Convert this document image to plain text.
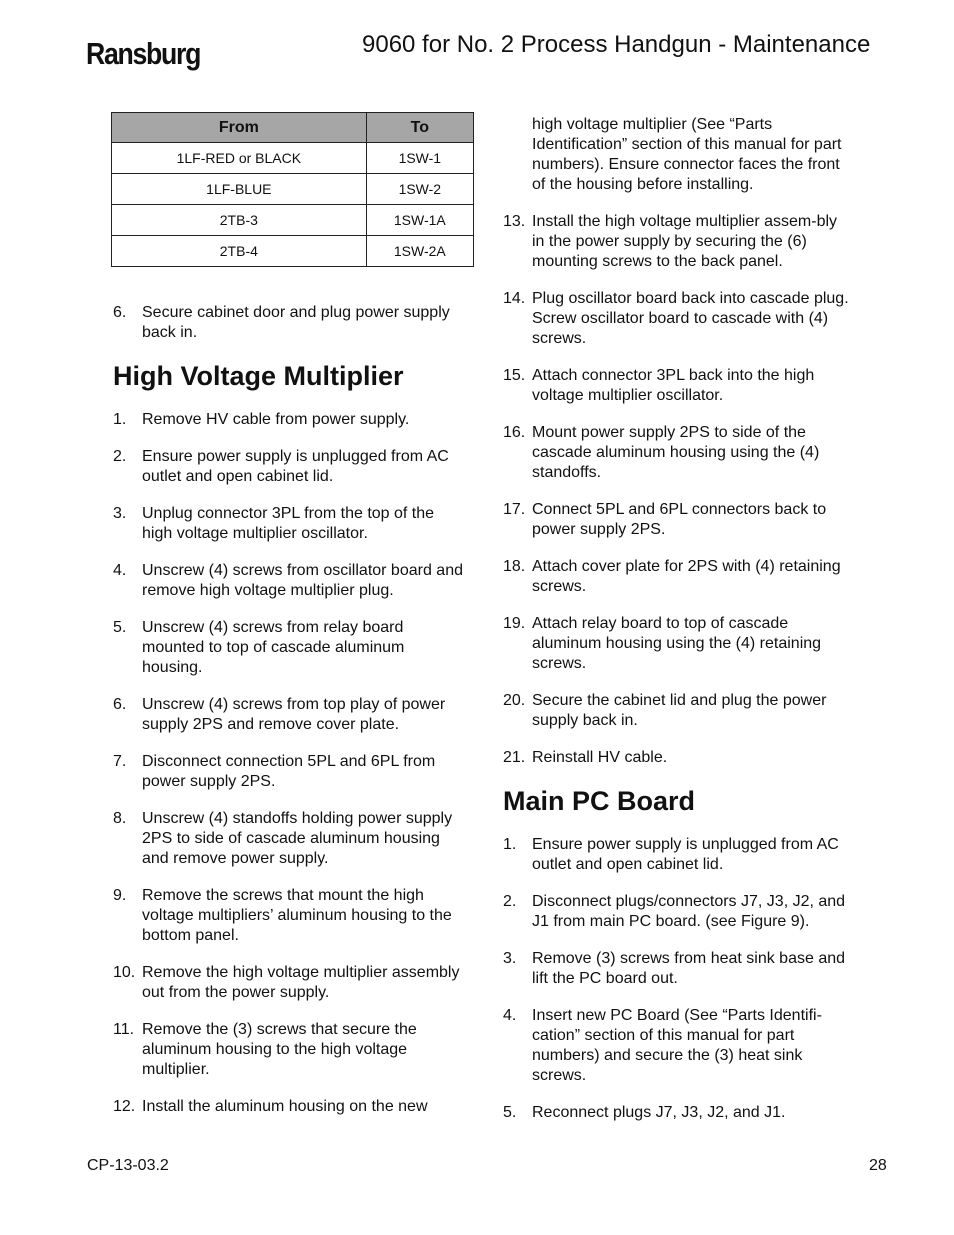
Ransburg	9060 for No. 2 Process Handgun - Maintenance
From	To
1LF-RED or BLACK	1SW-1
1LF-BLUE	1SW-2
2TB-3	1SW-1A
2TB-4	1SW-2A
6. Secure cabinet door and plug power supply back in.
High Voltage Multiplier
1. Remove HV cable from power supply.
2. Ensure power supply is unplugged from AC outlet and open cabinet lid.
3. Unplug connector 3PL from the top of the high voltage multiplier oscillator.
4. Unscrew (4) screws from oscillator board and remove high voltage multiplier plug.
5. Unscrew (4) screws from relay board mounted to top of cascade aluminum housing.
6. Unscrew (4) screws from top play of power supply 2PS and remove cover plate.
7. Disconnect connection 5PL and 6PL from power supply 2PS.
8. Unscrew (4) standoffs holding power supply 2PS to side of cascade aluminum housing and remove power supply.
9. Remove the screws that mount the high voltage multipliers’ aluminum housing to the bottom panel.
10. Remove the high voltage multiplier assembly out from the power supply.
11. Remove the (3) screws that secure the aluminum housing to the high voltage multiplier.
12. Install the aluminum housing on the new
high voltage multiplier (See “Parts Identification” section of this manual for part numbers). Ensure connector faces the front of the housing before installing.
13. Install the high voltage multiplier assem-bly in the power supply by securing the (6) mounting screws to the back panel.
14. Plug oscillator board back into cascade plug. Screw oscillator board to cascade with (4) screws.
15. Attach connector 3PL back into the high voltage multiplier oscillator.
16. Mount power supply 2PS to side of the cascade aluminum housing using the (4) standoffs.
17. Connect 5PL and 6PL connectors back to power supply 2PS.
18. Attach cover plate for 2PS with (4) retaining screws.
19. Attach relay board to top of cascade aluminum housing using the (4) retaining screws.
20. Secure the cabinet lid and plug the power supply back in.
21. Reinstall HV cable.
Main PC Board
1. Ensure power supply is unplugged from AC outlet and open cabinet lid.
2. Disconnect plugs/connectors J7, J3, J2, and J1 from main PC board. (see Figure 9).
3. Remove (3) screws from heat sink base and lift the PC board out.
4. Insert new PC Board (See “Parts Identifi-cation” section of this manual for part numbers) and secure the (3) heat sink screws.
5. Reconnect plugs J7, J3, J2, and J1.
CP-13-03.2	28
